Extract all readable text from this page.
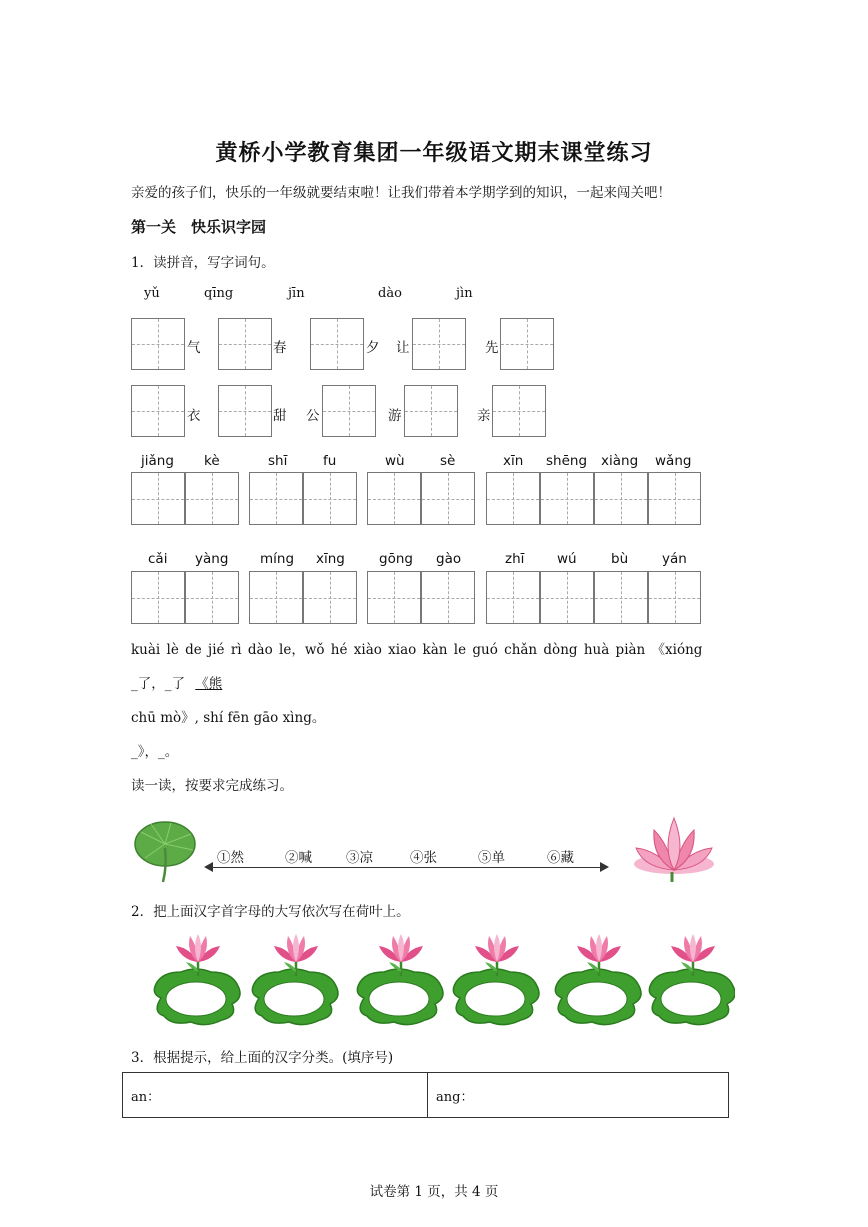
黄桥小学教育集团一年级语文期末课堂练习
亲爱的孩子们，快乐的一年级就要结束啦！让我们带着本学期学到的知识，一起来闯关吧！
第一关　快乐识字园
1．读拼音，写字词句。
yǔ	qīng	jīn	dào	jìn
气	春	夕 让	先
衣	甜 公	游	亲
jiǎng kè	shī	fu	wù	sè	xīn shēng xiàng wǎng
cǎi yàng míng xīng	gōng gào	zhī wú	bù	yán
kuài lè de jié rì dào le，wǒ hé xiào xiao kàn le guó chǎn dòng huà piàn 《xióng
_了，_了 《熊
chū mò》, shí fēn gāo xìng。
_》，_。
读一读，按要求完成练习。
①然	②喊	③凉	④张	⑤单	⑥藏
2．把上面汉字首字母的大写依次写在荷叶上。
3．根据提示，给上面的汉字分类。(填序号)
an：	ang：
试卷第 1 页，共 4 页
